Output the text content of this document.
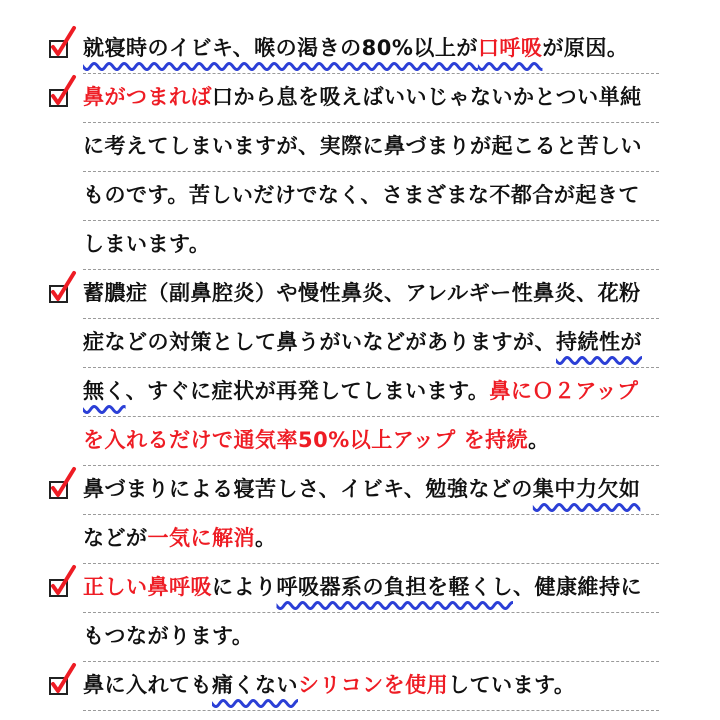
就寝時のイビキ、喉の渇きの80%以上が口呼吸が原因。
鼻がつまれば口から息を吸えばいいじゃないかとつい単純
に考えてしまいますが、実際に鼻づまりが起こると苦しい
ものです。苦しいだけでなく、さまざまな不都合が起きて
しまいます。
蓄膿症（副鼻腔炎）や慢性鼻炎、アレルギー性鼻炎、花粉
症などの対策として鼻うがいなどがありますが、持続性が
無く、すぐに症状が再発してしまいます。鼻にＯ２アップ
を入れるだけで通気率50%以上アップ を持続。
鼻づまりによる寝苦しさ、イビキ、勉強などの集中力欠如
などが一気に解消。
正しい鼻呼吸により呼吸器系の負担を軽くし、健康維持に
もつながります。
鼻に入れても痛くないシリコンを使用しています。
